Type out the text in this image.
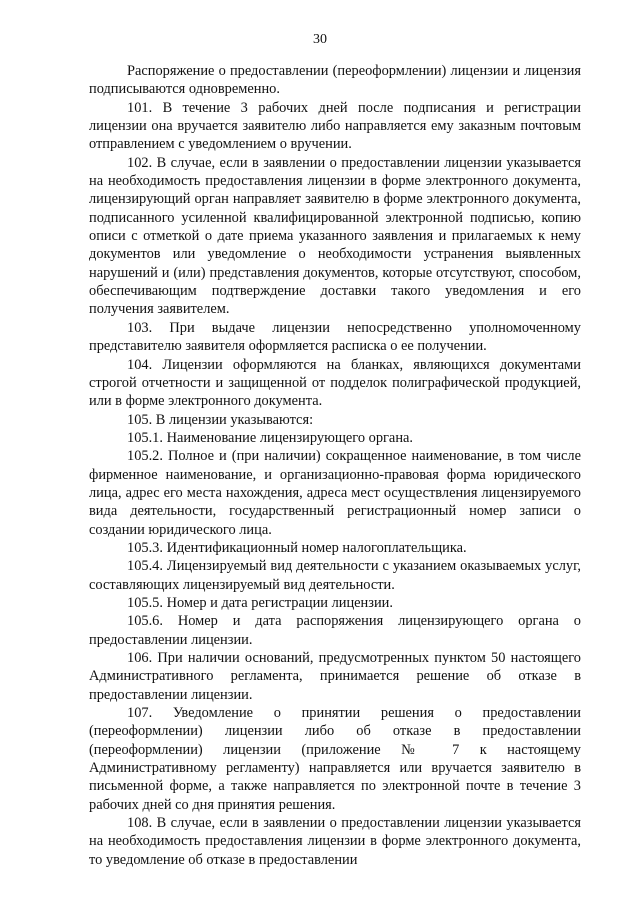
30

Распоряжение о предоставлении (переоформлении) лицензии и лицензия подписываются одновременно.

101. В течение 3 рабочих дней после подписания и регистрации лицензии она вручается заявителю либо направляется ему заказным почтовым отправлением с уведомлением о вручении.

102. В случае, если в заявлении о предоставлении лицензии указывается на необходимость предоставления лицензии в форме электронного документа, лицензирующий орган направляет заявителю в форме электронного документа, подписанного усиленной квалифицированной электронной подписью, копию описи с отметкой о дате приема указанного заявления и прилагаемых к нему документов или уведомление о необходимости устранения выявленных нарушений и (или) представления документов, которые отсутствуют, способом, обеспечивающим подтверждение доставки такого уведомления и его получения заявителем.

103. При выдаче лицензии непосредственно уполномоченному представителю заявителя оформляется расписка о ее получении.

104. Лицензии оформляются на бланках, являющихся документами строгой отчетности и защищенной от подделок полиграфической продукцией, или в форме электронного документа.

105. В лицензии указываются:

105.1. Наименование лицензирующего органа.

105.2. Полное и (при наличии) сокращенное наименование, в том числе фирменное наименование, и организационно-правовая форма юридического лица, адрес его места нахождения, адреса мест осуществления лицензируемого вида деятельности, государственный регистрационный номер записи о создании юридического лица.

105.3. Идентификационный номер налогоплательщика.

105.4. Лицензируемый вид деятельности с указанием оказываемых услуг, составляющих лицензируемый вид деятельности.

105.5. Номер и дата регистрации лицензии.

105.6. Номер и дата распоряжения лицензирующего органа о предоставлении лицензии.

106. При наличии оснований, предусмотренных пунктом 50 настоящего Административного регламента, принимается решение об отказе в предоставлении лицензии.

107. Уведомление о принятии решения о предоставлении (переоформлении) лицензии либо об отказе в предоставлении (переоформлении) лицензии (приложение № 7 к настоящему Административному регламенту) направляется или вручается заявителю в письменной форме, а также направляется по электронной почте в течение 3 рабочих дней со дня принятия решения.

108. В случае, если в заявлении о предоставлении лицензии указывается на необходимость предоставления лицензии в форме электронного документа, то уведомление об отказе в предоставлении
